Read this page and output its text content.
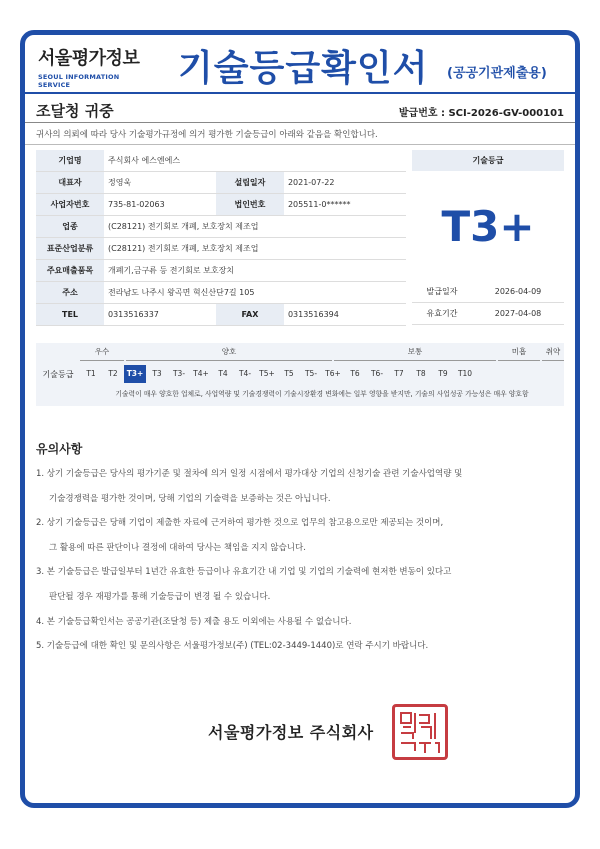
서울평가정보
SEOUL INFORMATION SERVICE	기술등급확인서 (공공기관제출용)
조달청 귀중	발급번호 : SCI-2026-GV-000101
귀사의 의뢰에 따라 당사 기술평가규정에 의거 평가한 기술등급이 아래와 같음을 확인합니다.
기업명	주식회사 에스엔에스		
대표자	정영욱	설립일자	2021-07-22
사업자번호	735-81-02063	법인번호	205511-0******
업종	(C28121) 전기회로 개폐, 보호장치 제조업		
표준산업분류	(C28121) 전기회로 개폐, 보호장치 제조업		
주요매출품목	개폐기,금구류 등 전기회로 보호장치		
주소	전라남도 나주시 왕곡면 혁신산단7길 105		
TEL	0313516337	FAX	0313516394
기술등급
T3+
발급일자	2026-04-09
유효기간	2027-04-08
기술등급
우수	양호	보통	미흡	취약
T1	T2	T3+	T3	T3-	T4+	T4	T4-	T5+	T5	T5-	T6+	T6	T6-	T7	T8	T9	T10
기술력이 매우 양호한 업체로, 사업역량 및 기술경쟁력이 기술시장환경 변화에는 일부 영향을 받지만, 기술의 사업성공 가능성은 매우 양호함
유의사항
1. 상기 기술등급은 당사의 평가기준 및 절차에 의거 일정 시점에서 평가대상 기업의 신청기술 관련 기술사업역량 및
기술경쟁력을 평가한 것이며, 당해 기업의 기술력을 보증하는 것은 아닙니다.
2. 상기 기술등급은 당해 기업이 제출한 자료에 근거하여 평가한 것으로 업무의 참고용으로만 제공되는 것이며,
그 활용에 따른 판단이나 결정에 대하여 당사는 책임을 지지 않습니다.
3. 본 기술등급은 발급일부터 1년간 유효한 등급이나 유효기간 내 기업 및 기업의 기술력에 현저한 변동이 있다고
판단될 경우 재평가를 통해 기술등급이 변경 될 수 있습니다.
4. 본 기술등급확인서는 공공기관(조달청 등) 제출 용도 이외에는 사용될 수 없습니다.
5. 기술등급에 대한 확인 및 문의사항은 서울평가정보(주) (TEL:02-3449-1440)로 연락 주시기 바랍니다.
서울평가정보 주식회사
